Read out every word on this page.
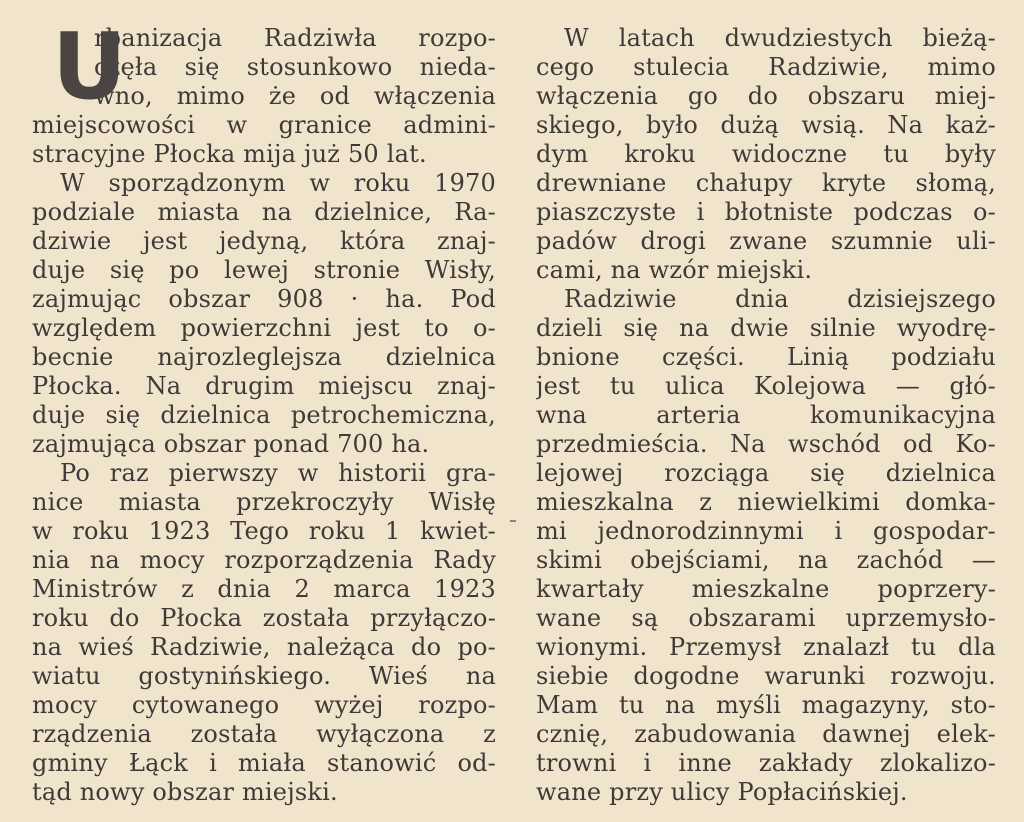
U
rbanizacja Radziwła rozpo-
częła się stosunkowo nieda-
wno, mimo że od włączenia
miejscowości w granice admini-
stracyjne Płocka mija już 50 lat.
W sporządzonym w roku 1970
podziale miasta na dzielnice, Ra-
dziwie jest jedyną, która znaj-
duje się po lewej stronie Wisły,
zajmując obszar 908 · ha. Pod
względem powierzchni jest to o-
becnie najrozleglejsza dzielnica
Płocka. Na drugim miejscu znaj-
duje się dzielnica petrochemiczna,
zajmująca obszar ponad 700 ha.
Po raz pierwszy w historii gra-
nice miasta przekroczyły Wisłę
w roku 1923 Tego roku 1 kwiet-
nia na mocy rozporządzenia Rady
Ministrów z dnia 2 marca 1923
roku do Płocka została przyłączo-
na wieś Radziwie, należąca do po-
wiatu gostynińskiego. Wieś na
mocy cytowanego wyżej rozpo-
rządzenia została wyłączona z
gminy Łąck i miała stanowić od-
tąd nowy obszar miejski.
W latach dwudziestych bieżą-
cego stulecia Radziwie, mimo
włączenia go do obszaru miej-
skiego, było dużą wsią. Na każ-
dym kroku widoczne tu były
drewniane chałupy kryte słomą,
piaszczyste i błotniste podczas o-
padów drogi zwane szumnie uli-
cami, na wzór miejski.
Radziwie dnia dzisiejszego
dzieli się na dwie silnie wyodrę-
bnione części. Linią podziału
jest tu ulica Kolejowa — głó-
wna arteria komunikacyjna
przedmieścia. Na wschód od Ko-
lejowej rozciąga się dzielnica
mieszkalna z niewielkimi domka-
mi jednorodzinnymi i gospodar-
skimi obejściami, na zachód —
kwartały mieszkalne poprzery-
wane są obszarami uprzemysło-
wionymi. Przemysł znalazł tu dla
siebie dogodne warunki rozwoju.
Mam tu na myśli magazyny, sto-
cznię, zabudowania dawnej elek-
trowni i inne zakłady zlokalizo-
wane przy ulicy Popłacińskiej.
